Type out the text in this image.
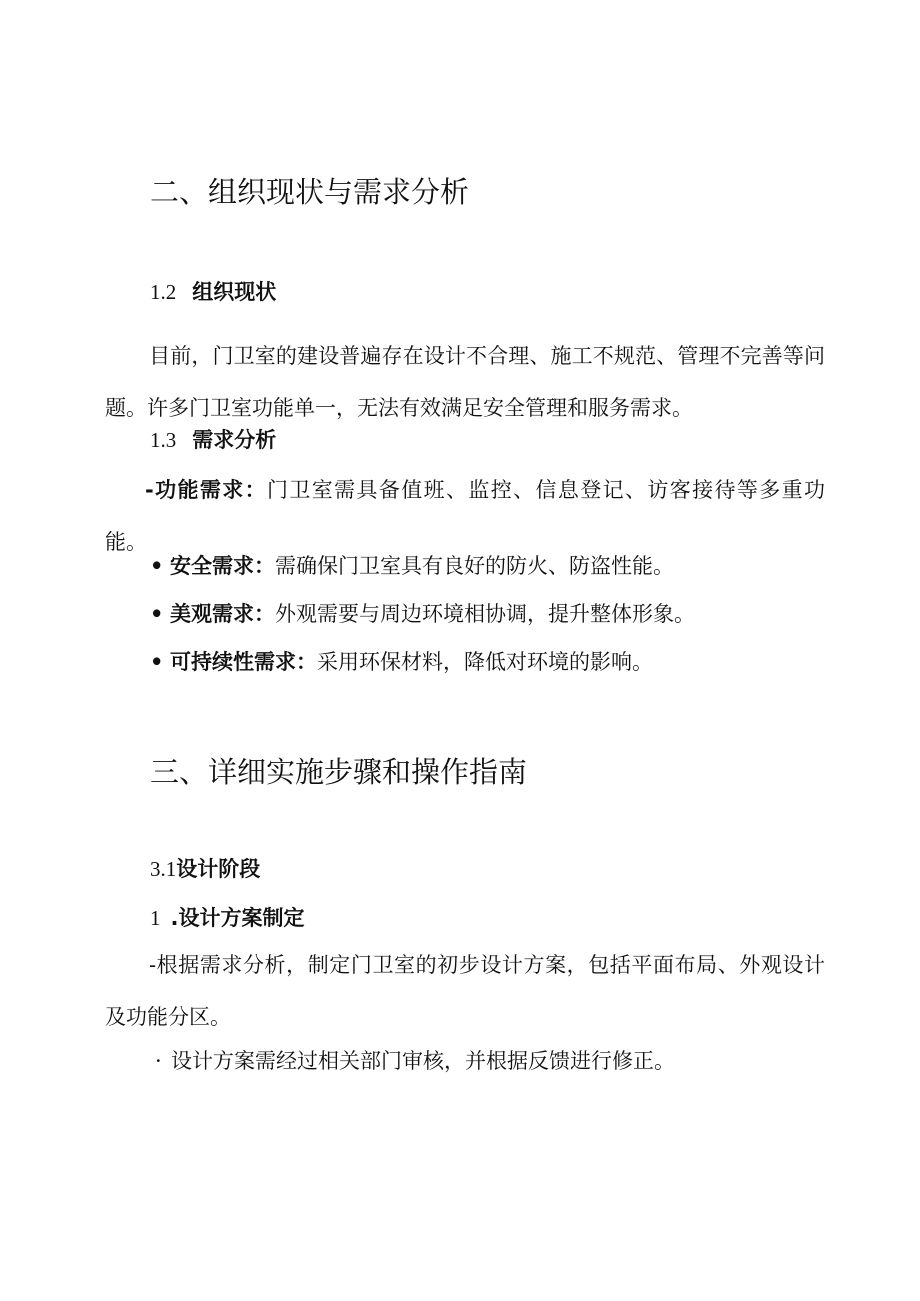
二、组织现状与需求分析
1.2 组织现状

目前，门卫室的建设普遍存在设计不合理、施工不规范、管理不完善等问题。许多门卫室功能单一，无法有效满足安全管理和服务需求。

1.3 需求分析

-功能需求：门卫室需具备值班、监控、信息登记、访客接待等多重功能。

• 安全需求：需确保门卫室具有良好的防火、防盗性能。

• 美观需求：外观需要与周边环境相协调，提升整体形象。

• 可持续性需求：采用环保材料，降低对环境的影响。

三、详细实施步骤和操作指南
3.1设计阶段
1 .设计方案制定

-根据需求分析，制定门卫室的初步设计方案，包括平面布局、外观设计及功能分区。

· 设计方案需经过相关部门审核，并根据反馈进行修正。
